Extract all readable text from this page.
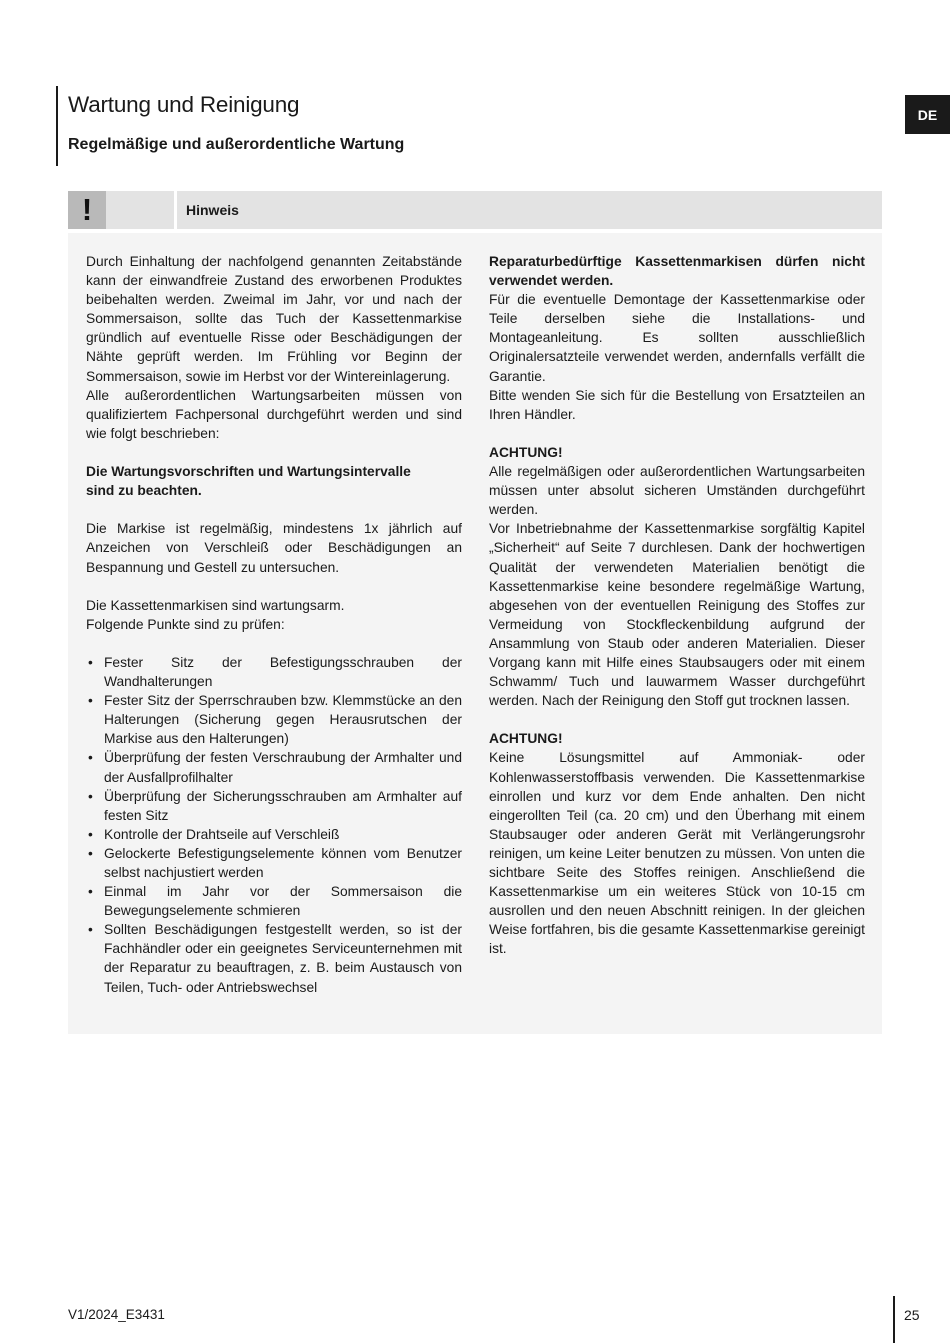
Wartung und Reinigung
Regelmäßige und außerordentliche Wartung
DE
!	Hinweis

Durch Einhaltung der nachfolgend genannten Zeitabstände kann der einwandfreie Zustand des erworbenen Produktes beibehalten werden. Zweimal im Jahr, vor und nach der Sommersaison, sollte das Tuch der Kassettenmarkise gründlich auf eventuelle Risse oder Beschädigungen der Nähte geprüft werden. Im Frühling vor Beginn der Sommersaison, sowie im Herbst vor der Wintereinlagerung.

Alle außerordentlichen Wartungsarbeiten müssen von qualifiziertem Fachpersonal durchgeführt werden und sind wie folgt beschrieben:

Die Wartungsvorschriften und Wartungsintervalle
sind zu beachten.

Die Markise ist regelmäßig, mindestens 1x jährlich auf Anzeichen von Verschleiß oder Beschädigungen an Bespannung und Gestell zu untersuchen.

Die Kassettenmarkisen sind wartungsarm.
Folgende Punkte sind zu prüfen:

• Fester Sitz der Befestigungsschrauben der Wandhalterungen
• Fester Sitz der Sperrschrauben bzw. Klemmstücke an den Halterungen (Sicherung gegen Herausrutschen der Markise aus den Halterungen)
• Überprüfung der festen Verschraubung der Armhalter und der Ausfallprofilhalter
• Überprüfung der Sicherungsschrauben am Armhalter auf festen Sitz
• Kontrolle der Drahtseile auf Verschleiß
• Gelockerte Befestigungselemente können vom Benutzer selbst nachjustiert werden
• Einmal im Jahr vor der Sommersaison die Bewegungselemente schmieren
• Sollten Beschädigungen festgestellt werden, so ist der Fachhändler oder ein geeignetes Serviceunternehmen mit der Reparatur zu beauftragen, z. B. beim Austausch von Teilen, Tuch- oder Antriebswechsel

Reparaturbedürftige Kassettenmarkisen dürfen nicht verwendet werden.

Für die eventuelle Demontage der Kassettenmarkise oder Teile derselben siehe die Installations- und Montageanleitung. Es sollten ausschließlich Originalersatzteile verwendet werden, andernfalls verfällt die Garantie.

Bitte wenden Sie sich für die Bestellung von Ersatzteilen an Ihren Händler.

ACHTUNG!

Alle regelmäßigen oder außerordentlichen Wartungsarbeiten müssen unter absolut sicheren Umständen durchgeführt werden.

Vor Inbetriebnahme der Kassettenmarkise sorgfältig Kapitel „Sicherheit“ auf Seite 7 durchlesen. Dank der hochwertigen Qualität der verwendeten Materialien benötigt die Kassettenmarkise keine besondere regelmäßige Wartung, abgesehen von der eventuellen Reinigung des Stoffes zur Vermeidung von Stockfleckenbildung aufgrund der Ansammlung von Staub oder anderen Materialien. Dieser Vorgang kann mit Hilfe eines Staubsaugers oder mit einem Schwamm/ Tuch und lauwarmem Wasser durchgeführt werden. Nach der Reinigung den Stoff gut trocknen lassen.

ACHTUNG!

Keine Lösungsmittel auf Ammoniak- oder Kohlenwasserstoffbasis verwenden. Die Kassettenmarkise einrollen und kurz vor dem Ende anhalten. Den nicht eingerollten Teil (ca. 20 cm) und den Überhang mit einem Staubsauger oder anderen Gerät mit Verlängerungsrohr reinigen, um keine Leiter benutzen zu müssen. Von unten die sichtbare Seite des Stoffes reinigen. Anschließend die Kassettenmarkise um ein weiteres Stück von 10-15 cm ausrollen und den neuen Abschnitt reinigen. In der gleichen Weise fortfahren, bis die gesamte Kassettenmarkise gereinigt ist.

V1/2024_E3431	25
